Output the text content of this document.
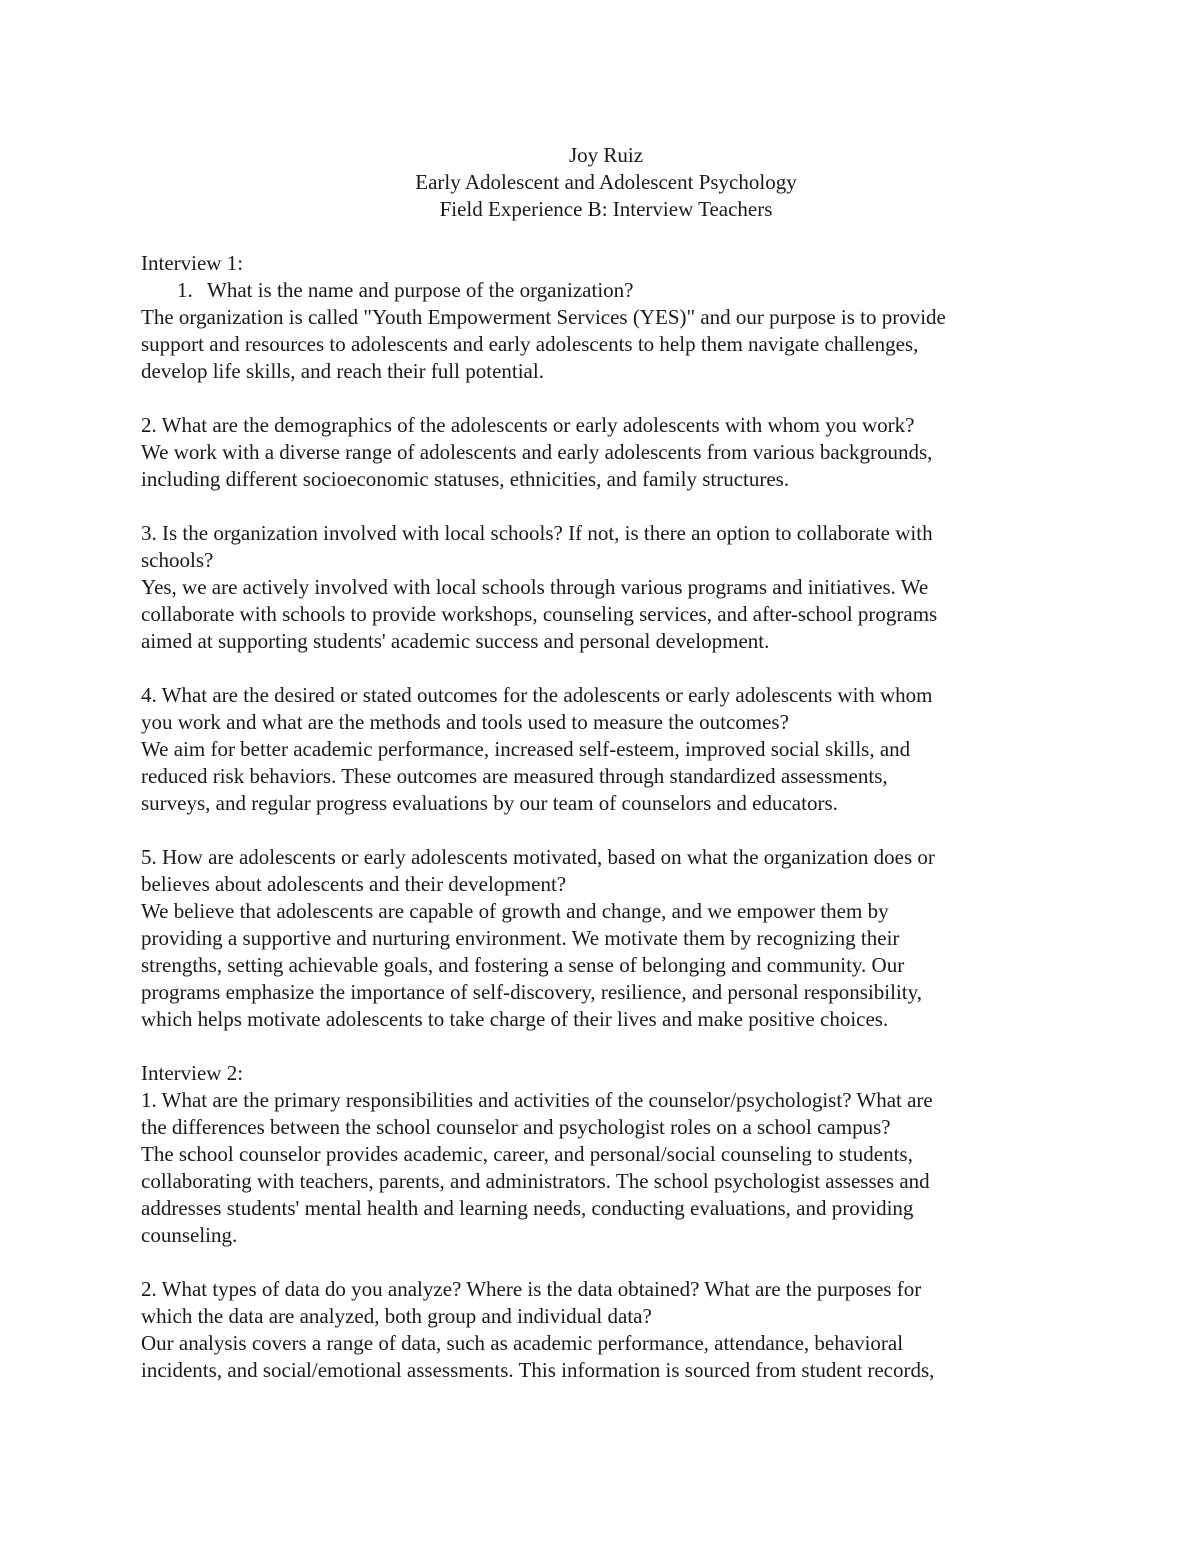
Joy Ruiz
Early Adolescent and Adolescent Psychology
Field Experience B: Interview Teachers
Interview 1:
1. What is the name and purpose of the organization?
The organization is called "Youth Empowerment Services (YES)" and our purpose is to provide
support and resources to adolescents and early adolescents to help them navigate challenges,
develop life skills, and reach their full potential.
2. What are the demographics of the adolescents or early adolescents with whom you work?
We work with a diverse range of adolescents and early adolescents from various backgrounds,
including different socioeconomic statuses, ethnicities, and family structures.
3. Is the organization involved with local schools? If not, is there an option to collaborate with
schools?
Yes, we are actively involved with local schools through various programs and initiatives. We
collaborate with schools to provide workshops, counseling services, and after-school programs
aimed at supporting students' academic success and personal development.
4. What are the desired or stated outcomes for the adolescents or early adolescents with whom
you work and what are the methods and tools used to measure the outcomes?
We aim for better academic performance, increased self-esteem, improved social skills, and
reduced risk behaviors. These outcomes are measured through standardized assessments,
surveys, and regular progress evaluations by our team of counselors and educators.
5. How are adolescents or early adolescents motivated, based on what the organization does or
believes about adolescents and their development?
We believe that adolescents are capable of growth and change, and we empower them by
providing a supportive and nurturing environment. We motivate them by recognizing their
strengths, setting achievable goals, and fostering a sense of belonging and community. Our
programs emphasize the importance of self-discovery, resilience, and personal responsibility,
which helps motivate adolescents to take charge of their lives and make positive choices.
Interview 2:
1. What are the primary responsibilities and activities of the counselor/psychologist? What are
the differences between the school counselor and psychologist roles on a school campus?
The school counselor provides academic, career, and personal/social counseling to students,
collaborating with teachers, parents, and administrators. The school psychologist assesses and
addresses students' mental health and learning needs, conducting evaluations, and providing
counseling.
2. What types of data do you analyze? Where is the data obtained? What are the purposes for
which the data are analyzed, both group and individual data?
Our analysis covers a range of data, such as academic performance, attendance, behavioral
incidents, and social/emotional assessments. This information is sourced from student records,
